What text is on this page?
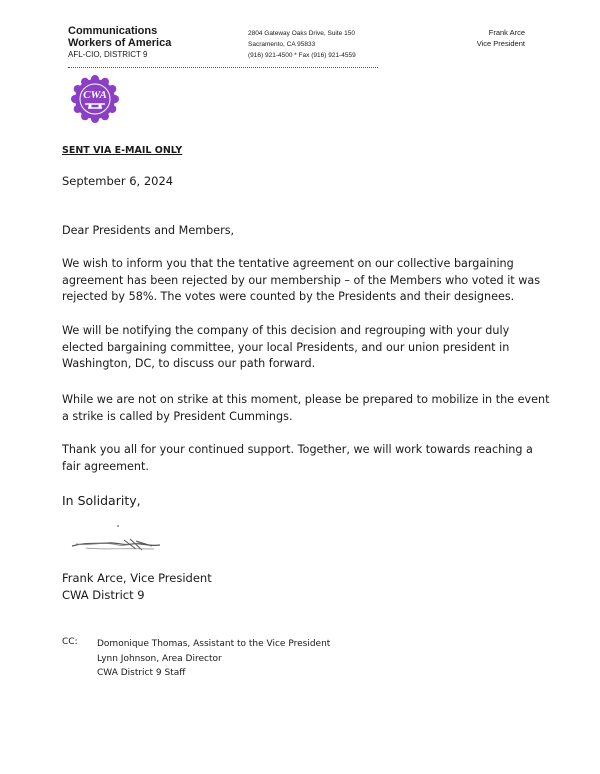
Communications
Workers of America
AFL-CIO, DISTRICT 9
2804 Gateway Oaks Drive, Suite 150
Sacramento, CA 95833
(916) 921-4500 * Fax (916) 921-4559
Frank Arce
Vice President
CWA
SENT VIA E-MAIL ONLY
September 6, 2024

Dear Presidents and Members,

We wish to inform you that the tentative agreement on our collective bargaining agreement has been rejected by our membership – of the Members who voted it was rejected by 58%. The votes were counted by the Presidents and their designees.

We will be notifying the company of this decision and regrouping with your duly elected bargaining committee, your local Presidents, and our union president in Washington, DC, to discuss our path forward.

While we are not on strike at this moment, please be prepared to mobilize in the event a strike is called by President Cummings.

Thank you all for your continued support. Together, we will work towards reaching a fair agreement.

In Solidarity,
Frank Arce, Vice President
CWA District 9
CC: Domonique Thomas, Assistant to the Vice President
Lynn Johnson, Area Director
CWA District 9 Staff
